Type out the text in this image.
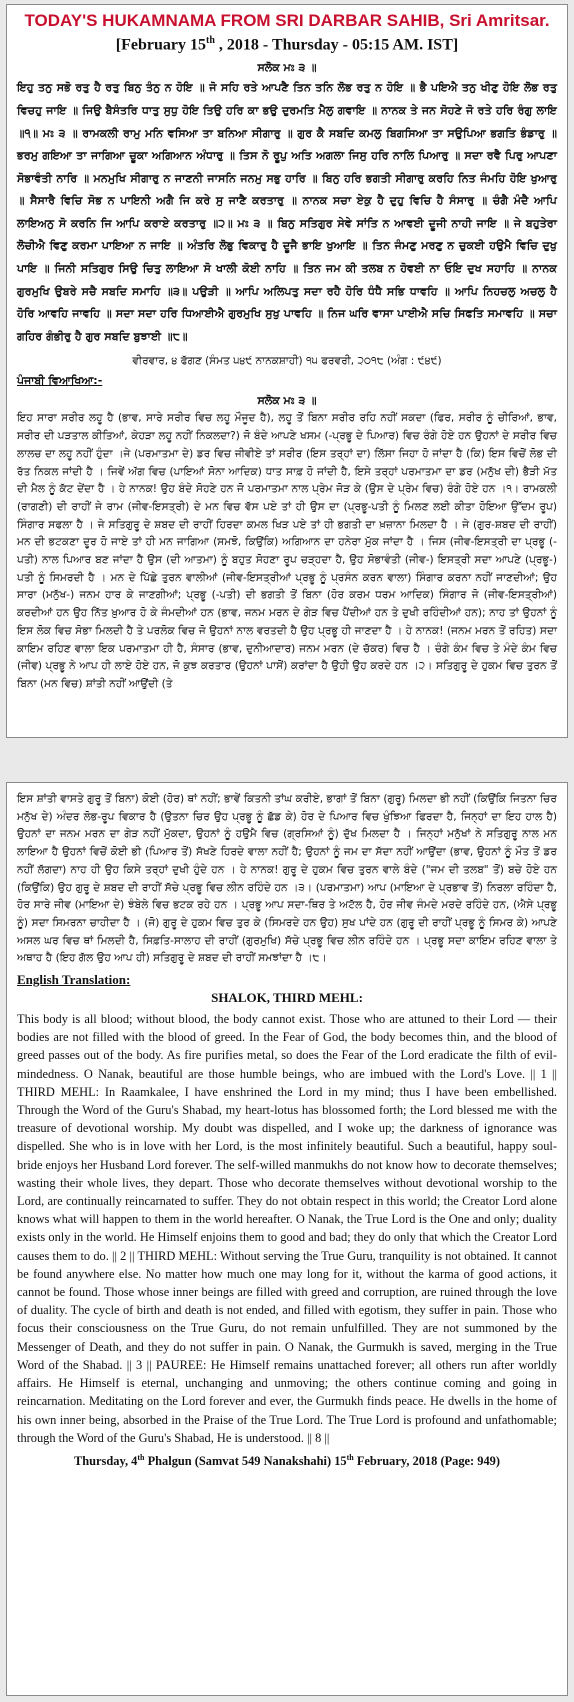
TODAY'S HUKAMNAMA FROM SRI DARBAR SAHIB, Sri Amritsar.

[February 15th , 2018 - Thursday - 05:15 AM. IST]

ਸਲੋਕ ਮਃ ੩ ॥

ਇਹੁ ਤਨੁ ਸਭੋ ਰਤੁ ਹੈ ਰਤੁ ਬਿਨੁ ਤੰਨੁ ਨ ਹੋਇ ॥ ਜੋ ਸਹਿ ਰਤੇ ਆਪਣੈ ਤਿਨ ਤਨਿ ਲੋਭ ਰਤੁ ਨ ਹੋਇ ॥ ਭੈ ਪਇਐ ਤਨੁ ਖੀਣੁ ਹੋਇ ਲੋਭ ਰਤੁ ਵਿਚਹੁ ਜਾਇ ॥ ਜਿਉ ਬੈਸੰਤਰਿ ਧਾਤੁ ਸੁਧੁ ਹੋਇ ਤਿਉ ਹਰਿ ਕਾ ਭਉ ਦੁਰਮਤਿ ਮੈਲੁ ਗਵਾਇ ॥ ਨਾਨਕ ਤੇ ਜਨ ਸੋਹਣੇ ਜੋ ਰਤੇ ਹਰਿ ਰੰਗੁ ਲਾਇ ॥੧॥ ਮਃ ੩ ॥ ਰਾਮਕਲੀ ਰਾਮੁ ਮਨਿ ਵਸਿਆ ਤਾ ਬਨਿਆ ਸੀਗਾਰੁ ॥ ਗੁਰ ਕੈ ਸਬਦਿ ਕਮਲੁ ਬਿਗਸਿਆ ਤਾ ਸਉਪਿਆ ਭਗਤਿ ਭੰਡਾਰੁ ॥ ਭਰਮੁ ਗਇਆ ਤਾ ਜਾਗਿਆ ਚੂਕਾ ਅਗਿਆਨ ਅੰਧਾਰੁ ॥ ਤਿਸ ਨੋ ਰੂਪੁ ਅਤਿ ਅਗਲਾ ਜਿਸੁ ਹਰਿ ਨਾਲਿ ਪਿਆਰੁ ॥ ਸਦਾ ਰਵੈ ਪਿਰੁ ਆਪਣਾ ਸੋਭਾਵੰਤੀ ਨਾਰਿ ॥ ਮਨਮੁਖਿ ਸੀਗਾਰੁ ਨ ਜਾਣਨੀ ਜਾਸਨਿ ਜਨਮੁ ਸਭੁ ਹਾਰਿ ॥ ਬਿਨੁ ਹਰਿ ਭਗਤੀ ਸੀਗਾਰੁ ਕਰਹਿ ਨਿਤ ਜੰਮਹਿ ਹੋਇ ਖੁਆਰੁ ॥ ਸੈਸਾਰੈ ਵਿਚਿ ਸੋਭ ਨ ਪਾਇਨੀ ਅਗੈ ਜਿ ਕਰੇ ਸੁ ਜਾਣੈ ਕਰਤਾਰੁ ॥ ਨਾਨਕ ਸਚਾ ਏਕੁ ਹੈ ਦੁਹੁ ਵਿਚਿ ਹੈ ਸੰਸਾਰੁ ॥ ਚੰਗੈ ਮੰਦੈ ਆਪਿ ਲਾਇਅਨੁ ਸੋ ਕਰਨਿ ਜਿ ਆਪਿ ਕਰਾਏ ਕਰਤਾਰੁ ॥੨॥ ਮਃ ੩ ॥ ਬਿਨੁ ਸਤਿਗੁਰ ਸੇਵੇ ਸਾਂਤਿ ਨ ਆਵਈ ਦੂਜੀ ਨਾਹੀ ਜਾਇ ॥ ਜੇ ਬਹੁਤੇਰਾ ਲੋਚੀਐ ਵਿਣੁ ਕਰਮਾ ਪਾਇਆ ਨ ਜਾਇ ॥ ਅੰਤਰਿ ਲੋਭੁ ਵਿਕਾਰੁ ਹੈ ਦੂਜੈ ਭਾਇ ਖੁਆਇ ॥ ਤਿਨ ਜੰਮਣੁ ਮਰਣੁ ਨ ਚੁਕਈ ਹਉਮੈ ਵਿਚਿ ਦੁਖੁ ਪਾਇ ॥ ਜਿਨੀ ਸਤਿਗੁਰ ਸਿਉ ਚਿਤੁ ਲਾਇਆ ਸੋ ਖਾਲੀ ਕੋਈ ਨਾਹਿ ॥ ਤਿਨ ਜਮ ਕੀ ਤਲਬ ਨ ਹੋਵਈ ਨਾ ਓਇ ਦੁਖ ਸਹਾਹਿ ॥ ਨਾਨਕ ਗੁਰਮੁਖਿ ਉਬਰੇ ਸਚੈ ਸਬਦਿ ਸਮਾਹਿ ॥੩॥ ਪਉੜੀ ॥ ਆਪਿ ਅਲਿਪਤੁ ਸਦਾ ਰਹੈ ਹੋਰਿ ਧੰਧੈ ਸਭਿ ਧਾਵਹਿ ॥ ਆਪਿ ਨਿਹਚਲੁ ਅਚਲੁ ਹੈ ਹੋਰਿ ਆਵਹਿ ਜਾਵਹਿ ॥ ਸਦਾ ਸਦਾ ਹਰਿ ਧਿਆਈਐ ਗੁਰਮੁਖਿ ਸੁਖੁ ਪਾਵਹਿ ॥ ਨਿਜ ਘਰਿ ਵਾਸਾ ਪਾਈਐ ਸਚਿ ਸਿਫਤਿ ਸਮਾਵਹਿ ॥ ਸਚਾ ਗਹਿਰ ਗੰਭੀਰੁ ਹੈ ਗੁਰ ਸਬਦਿ ਬੁਝਾਈ ॥੮॥

ਵੀਰਵਾਰ, ੪ ਫੱਗਣ (ਸੰਮਤ ੫੪੯ ਨਾਨਕਸ਼ਾਹੀ) ੧੫ ਫਰਵਰੀ, ੨੦੧੮ (ਅੰਗ : ੯੪੯)

ਪੰਜਾਬੀ ਵਿਆਖਿਆ:-

ਸਲੋਕ ਮਃ ੩ ॥

ਇਹ ਸਾਰਾ ਸਰੀਰ ਲਹੂ ਹੈ (ਭਾਵ, ਸਾਰੇ ਸਰੀਰ ਵਿਚ ਲਹੂ ਮੌਜੂਦ ਹੈ), ਲਹੂ ਤੋਂ ਬਿਨਾ ਸਰੀਰ ਰਹਿ ਨਹੀਂ ਸਕਦਾ (ਫਿਰ, ਸਰੀਰ ਨੂੰ ਚੀਰਿਆਂ, ਭਾਵ, ਸਰੀਰ ਦੀ ਪੜਤਾਲ ਕੀਤਿਆਂ, ਕੇਹੜਾ ਲਹੂ ਨਹੀਂ ਨਿਕਲਦਾ?) ਜੋ ਬੰਦੇ ਆਪਣੇ ਖਸਮ (-ਪ੍ਰਭੂ ਦੇ ਪਿਆਰ) ਵਿਚ ਰੰਗੇ ਹੋਏ ਹਨ ਉਹਨਾਂ ਦੇ ਸਰੀਰ ਵਿਚ ਲਾਲਚ ਦਾ ਲਹੂ ਨਹੀਂ ਹੁੰਦਾ ।ਜੇ (ਪਰਮਾਤਮਾ ਦੇ) ਡਰ ਵਿਚ ਜੀਵੀਏ ਤਾਂ ਸਰੀਰ (ਇਸ ਤਰ੍ਹਾਂ ਦਾ) ਲਿੱਸਾ ਜਿਹਾ ਹੋ ਜਾਂਦਾ ਹੈ (ਕਿ) ਇਸ ਵਿਚੋਂ ਲੋਭ ਦੀ ਰੱਤ ਨਿਕਲ ਜਾਂਦੀ ਹੈ । ਜਿਵੇਂ ਅੱਗ ਵਿਚ (ਪਾਇਆਂ ਸੋਨਾ ਆਦਿਕ) ਧਾਤ ਸਾਫ਼ ਹੋ ਜਾਂਦੀ ਹੈ, ਇਸੇ ਤਰ੍ਹਾਂ ਪਰਮਾਤਮਾ ਦਾ ਡਰ (ਮਨੁੱਖ ਦੀ) ਭੈੜੀ ਮੱਤ ਦੀ ਮੈਲ ਨੂੰ ਕੱਟ ਦੇਂਦਾ ਹੈ । ਹੇ ਨਾਨਕ! ਉਹ ਬੰਦੇ ਸੋਹਣੇ ਹਨ ਜੋ ਪਰਮਾਤਮਾ ਨਾਲ ਪ੍ਰੇਮ ਜੋੜ ਕੇ (ਉਸ ਦੇ ਪ੍ਰੇਮ ਵਿਚ) ਰੰਗੇ ਹੋਏ ਹਨ ।੧। ਰਾਮਕਲੀ (ਰਾਗਣੀ) ਦੀ ਰਾਹੀਂ ਜੇ ਰਾਮ (ਜੀਵ-ਇਸਤ੍ਰੀ) ਦੇ ਮਨ ਵਿਚ ਵੱਸ ਪਏ ਤਾਂ ਹੀ ਉਸ ਦਾ (ਪ੍ਰਭੂ-ਪਤੀ ਨੂੰ ਮਿਲਣ ਲਈ ਕੀਤਾ ਹੋਇਆ ਉੱਦਮ ਰੂਪ) ਸਿੰਗਾਰ ਸਫਲਾ ਹੈ । ਜੇ ਸਤਿਗੁਰੂ ਦੇ ਸ਼ਬਦ ਦੀ ਰਾਹੀਂ ਹਿਰਦਾ ਕਮਲ ਖਿੜ ਪਏ ਤਾਂ ਹੀ ਭਗਤੀ ਦਾ ਖ਼ਜ਼ਾਨਾ ਮਿਲਦਾ ਹੈ । ਜੇ (ਗੁਰ-ਸ਼ਬਦ ਦੀ ਰਾਹੀਂ) ਮਨ ਦੀ ਭਟਕਣਾ ਦੂਰ ਹੋ ਜਾਏ ਤਾਂ ਹੀ ਮਨ ਜਾਗਿਆ (ਸਮਝੋ, ਕਿਉਂਕਿ) ਅਗਿਆਨ ਦਾ ਹਨੇਰਾ ਮੁੱਕ ਜਾਂਦਾ ਹੈ । ਜਿਸ (ਜੀਵ-ਇਸਤ੍ਰੀ ਦਾ ਪ੍ਰਭੂ (-ਪਤੀ) ਨਾਲ ਪਿਆਰ ਬਣ ਜਾਂਦਾ ਹੈ ਉਸ (ਦੀ ਆਤਮਾ) ਨੂੰ ਬਹੁਤ ਸੋਹਣਾ ਰੂਪ ਚੜ੍ਹਦਾ ਹੈ, ਉਹ ਸੋਭਾਵੰਤੀ (ਜੀਵ-) ਇਸਤ੍ਰੀ ਸਦਾ ਆਪਣੇ (ਪ੍ਰਭੂ-) ਪਤੀ ਨੂੰ ਸਿਮਰਦੀ ਹੈ । ਮਨ ਦੇ ਪਿੱਛੇ ਤੁਰਨ ਵਾਲੀਆਂ (ਜੀਵ-ਇਸਤ੍ਰੀਆਂ ਪ੍ਰਭੂ ਨੂੰ ਪ੍ਰਸੰਨ ਕਰਨ ਵਾਲਾ) ਸਿੰਗਾਰ ਕਰਨਾ ਨਹੀਂ ਜਾਣਦੀਆਂ; ਉਹ ਸਾਰਾ (ਮਨੁੱਖ-) ਜਨਮ ਹਾਰ ਕੇ ਜਾਣਗੀਆਂ; ਪ੍ਰਭੂ (-ਪਤੀ) ਦੀ ਭਗਤੀ ਤੋਂ ਬਿਨਾ (ਹੋਰ ਕਰਮ ਧਰਮ ਆਦਿਕ) ਸਿੰਗਾਰ ਜੋ (ਜੀਵ-ਇਸਤ੍ਰੀਆਂ) ਕਰਦੀਆਂ ਹਨ ਉਹ ਨਿੱਤ ਖ਼ੁਆਰ ਹੋ ਕੇ ਜੰਮਦੀਆਂ ਹਨ (ਭਾਵ, ਜਨਮ ਮਰਨ ਦੇ ਗੇੜ ਵਿਚ ਪੈਂਦੀਆਂ ਹਨ ਤੇ ਦੁਖੀ ਰਹਿੰਦੀਆਂ ਹਨ); ਨਾਹ ਤਾਂ ਉਹਨਾਂ ਨੂੰ ਇਸ ਲੋਕ ਵਿਚ ਸੋਭਾ ਮਿਲਦੀ ਹੈ ਤੇ ਪਰਲੋਕ ਵਿਚ ਜੋ ਉਹਨਾਂ ਨਾਲ ਵਰਤਦੀ ਹੈ ਉਹ ਪ੍ਰਭੂ ਹੀ ਜਾਣਦਾ ਹੈ । ਹੇ ਨਾਨਕ! (ਜਨਮ ਮਰਨ ਤੋਂ ਰਹਿਤ) ਸਦਾ ਕਾਇਮ ਰਹਿਣ ਵਾਲਾ ਇਕ ਪਰਮਾਤਮਾ ਹੀ ਹੈ, ਸੰਸਾਰ (ਭਾਵ, ਦੁਨੀਆਦਾਰ) ਜਨਮ ਮਰਨ (ਦੇ ਚੱਕਰ) ਵਿਚ ਹੈ । ਚੰਗੇ ਕੰਮ ਵਿਚ ਤੇ ਮੰਦੇ ਕੰਮ ਵਿਚ (ਜੀਵ) ਪ੍ਰਭੂ ਨੇ ਆਪ ਹੀ ਲਾਏ ਹੋਏ ਹਨ, ਜੋ ਕੁਝ ਕਰਤਾਰ (ਉਹਨਾਂ ਪਾਸੋਂ) ਕਰਾਂਦਾ ਹੈ ਉਹੀ ਉਹ ਕਰਦੇ ਹਨ ।੨। ਸਤਿਗੁਰੂ ਦੇ ਹੁਕਮ ਵਿਚ ਤੁਰਨ ਤੋਂ ਬਿਨਾ (ਮਨ ਵਿਚ) ਸ਼ਾਂਤੀ ਨਹੀਂ ਆਉਂਦੀ (ਤੇ

ਇਸ ਸ਼ਾਂਤੀ ਵਾਸਤੇ ਗੁਰੂ ਤੋਂ ਬਿਨਾ) ਕੋਈ (ਹੋਰ) ਥਾਂ ਨਹੀਂ; ਭਾਵੇਂ ਕਿਤਨੀ ਤਾਂਘ ਕਰੀਏ, ਭਾਗਾਂ ਤੋਂ ਬਿਨਾ (ਗੁਰੂ) ਮਿਲਦਾ ਭੀ ਨਹੀਂ (ਕਿਉਂਕਿ ਜਿਤਨਾ ਚਿਰ ਮਨੁੱਖ ਦੇ) ਅੰਦਰ ਲੋਭ-ਰੂਪ ਵਿਕਾਰ ਹੈ (ਉਤਨਾ ਚਿਰ ਉਹ ਪ੍ਰਭੂ ਨੂੰ ਛੱਡ ਕੇ) ਹੋਰ ਦੇ ਪਿਆਰ ਵਿਚ ਖੁੰਝਿਆ ਫਿਰਦਾ ਹੈ, ਜਿਨ੍ਹਾਂ ਦਾ ਇਹ ਹਾਲ ਹੈ) ਉਹਨਾਂ ਦਾ ਜਨਮ ਮਰਨ ਦਾ ਗੇੜ ਨਹੀਂ ਮੁੱਕਦਾ, ਉਹਨਾਂ ਨੂੰ ਹਉਮੈ ਵਿਚ (ਗ੍ਰਸਿਆਂ ਨੂੰ) ਦੁੱਖ ਮਿਲਦਾ ਹੈ । ਜਿਨ੍ਹਾਂ ਮਨੁੱਖਾਂ ਨੇ ਸਤਿਗੁਰੂ ਨਾਲ ਮਨ ਲਾਇਆ ਹੈ ਉਹਨਾਂ ਵਿਚੋਂ ਕੋਈ ਭੀ (ਪਿਆਰ ਤੋਂ) ਸੱਖਣੇ ਹਿਰਦੇ ਵਾਲਾ ਨਹੀਂ ਹੈ; ਉਹਨਾਂ ਨੂੰ ਜਮ ਦਾ ਸੱਦਾ ਨਹੀਂ ਆਉਂਦਾ (ਭਾਵ, ਉਹਨਾਂ ਨੂੰ ਮੌਤ ਤੋਂ ਡਰ ਨਹੀਂ ਲੱਗਦਾ) ਨਾਹ ਹੀ ਉਹ ਕਿਸੇ ਤਰ੍ਹਾਂ ਦੁਖੀ ਹੁੰਦੇ ਹਨ । ਹੇ ਨਾਨਕ! ਗੁਰੂ ਦੇ ਹੁਕਮ ਵਿਚ ਤੁਰਨ ਵਾਲੇ ਬੰਦੇ ("ਜਮ ਦੀ ਤਲਬ" ਤੋਂ) ਬਚੇ ਹੋਏ ਹਨ (ਕਿਉਂਕਿ) ਉਹ ਗੁਰੂ ਦੇ ਸ਼ਬਦ ਦੀ ਰਾਹੀਂ ਸੱਚੇ ਪ੍ਰਭੂ ਵਿਚ ਲੀਨ ਰਹਿੰਦੇ ਹਨ ।੩। (ਪਰਮਾਤਮਾ) ਆਪ (ਮਾਇਆ ਦੇ ਪ੍ਰਭਾਵ ਤੋਂ) ਨਿਰਲਾ ਰਹਿੰਦਾ ਹੈ, ਹੋਰ ਸਾਰੇ ਜੀਵ (ਮਾਇਆ ਦੇ) ਝੰਬੇਲੇ ਵਿਚ ਭਟਕ ਰਹੇ ਹਨ । ਪ੍ਰਭੂ ਆਪ ਸਦਾ-ਥਿਰ ਤੇ ਅਟੱਲ ਹੈ, ਹੋਰ ਜੀਵ ਜੰਮਦੇ ਮਰਦੇ ਰਹਿੰਦੇ ਹਨ, (ਐਸੇ ਪ੍ਰਭੂ ਨੂੰ) ਸਦਾ ਸਿਮਰਨਾ ਚਾਹੀਦਾ ਹੈ । (ਜੋ) ਗੁਰੂ ਦੇ ਹੁਕਮ ਵਿਚ ਤੁਰ ਕੇ (ਸਿਮਰਦੇ ਹਨ ਉਹ) ਸੁਖ ਪਾਂਦੇ ਹਨ (ਗੁਰੂ ਦੀ ਰਾਹੀਂ ਪ੍ਰਭੂ ਨੂੰ ਸਿਮਰ ਕੇ) ਆਪਣੇ ਅਸਲ ਘਰ ਵਿਚ ਥਾਂ ਮਿਲਦੀ ਹੈ, ਸਿਫ਼ਤਿ-ਸਾਲਾਹ ਦੀ ਰਾਹੀਂ (ਗੁਰਮੁਖਿ) ਸੱਚੇ ਪ੍ਰਭੂ ਵਿਚ ਲੀਨ ਰਹਿੰਦੇ ਹਨ । ਪ੍ਰਭੂ ਸਦਾ ਕਾਇਮ ਰਹਿਣ ਵਾਲਾ ਤੇ ਅਥਾਹ ਹੈ (ਇਹ ਗੱਲ ਉਹ ਆਪ ਹੀ) ਸਤਿਗੁਰੂ ਦੇ ਸ਼ਬਦ ਦੀ ਰਾਹੀਂ ਸਮਝਾਂਦਾ ਹੈ ।੮।

English Translation:

SHALOK, THIRD MEHL:

This body is all blood; without blood, the body cannot exist. Those who are attuned to their Lord — their bodies are not filled with the blood of greed. In the Fear of God, the body becomes thin, and the blood of greed passes out of the body. As fire purifies metal, so does the Fear of the Lord eradicate the filth of evil-mindedness. O Nanak, beautiful are those humble beings, who are imbued with the Lord's Love. || 1 || THIRD MEHL: In Raamkalee, I have enshrined the Lord in my mind; thus I have been embellished. Through the Word of the Guru's Shabad, my heart-lotus has blossomed forth; the Lord blessed me with the treasure of devotional worship. My doubt was dispelled, and I woke up; the darkness of ignorance was dispelled. She who is in love with her Lord, is the most infinitely beautiful. Such a beautiful, happy soul-bride enjoys her Husband Lord forever. The self-willed manmukhs do not know how to decorate themselves; wasting their whole lives, they depart. Those who decorate themselves without devotional worship to the Lord, are continually reincarnated to suffer. They do not obtain respect in this world; the Creator Lord alone knows what will happen to them in the world hereafter. O Nanak, the True Lord is the One and only; duality exists only in the world. He Himself enjoins them to good and bad; they do only that which the Creator Lord causes them to do. || 2 || THIRD MEHL: Without serving the True Guru, tranquility is not obtained. It cannot be found anywhere else. No matter how much one may long for it, without the karma of good actions, it cannot be found. Those whose inner beings are filled with greed and corruption, are ruined through the love of duality. The cycle of birth and death is not ended, and filled with egotism, they suffer in pain. Those who focus their consciousness on the True Guru, do not remain unfulfilled. They are not summoned by the Messenger of Death, and they do not suffer in pain. O Nanak, the Gurmukh is saved, merging in the True Word of the Shabad. || 3 || PAUREE: He Himself remains unattached forever; all others run after worldly affairs. He Himself is eternal, unchanging and unmoving; the others continue coming and going in reincarnation. Meditating on the Lord forever and ever, the Gurmukh finds peace. He dwells in the home of his own inner being, absorbed in the Praise of the True Lord. The True Lord is profound and unfathomable; through the Word of the Guru's Shabad, He is understood. || 8 ||

Thursday, 4th Phalgun (Samvat 549 Nanakshahi) 15th February, 2018 (Page: 949)
